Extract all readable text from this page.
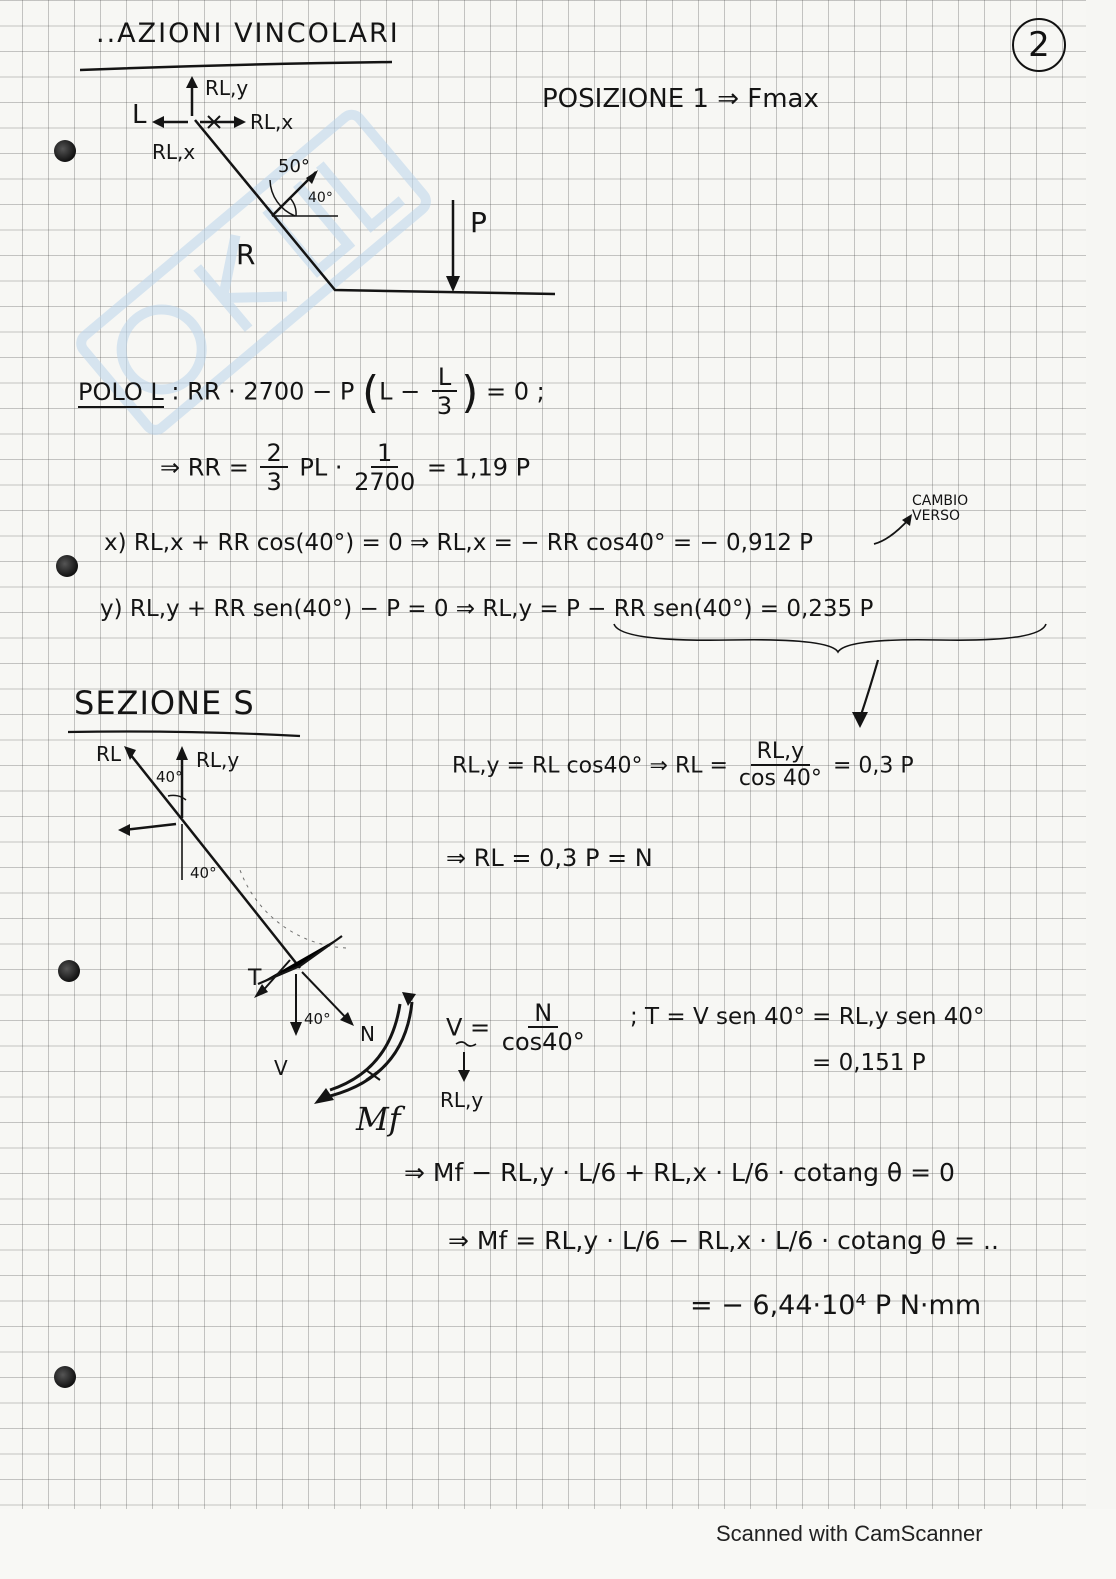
..AZIONI VINCOLARI	2
POSIZIONE 1 ⇒ Fmax
RL,y
L	RL,x
RL,x
50°
40°
R
P
POLO L : RR · 2700 − P ($L - \frac{L}{3}$ ) = 0 ;
⇒ RR = $\frac{2}{3}$ PL · $\frac{1}{2700} = 1,19$ P
CAMBIO VERSO
x) RL,x + RR cos(40°) = 0 ⇒ RL,x = − RR cos40° = − 0,912 P
y) RL,y + RR sen(40°) − P = 0 ⇒ RL,y = P − RR sen(40°) = 0,235 P
SEZIONE S
RL	RL,y
40°
40°
T
40°
N
V
Mf
RL,y = RL cos40° ⇒ RL = $\frac{RL,y}{\cos 40^\circ} = 0,3$ P
⇒ RL = 0,3 P = N
$V = \frac{N}{\cos 40^\circ}$
RL,y
; T = V sen 40° = RL,y sen 40°
= 0,151 P
⇒ Mf − RL,y · L/6 + RL,x · L/6 · cotang θ = 0
⇒ Mf = RL,y · L/6 − RL,x · L/6 · cotang θ = ..
= − 6,44·10⁴ P N·mm
Scanned with CamScanner
